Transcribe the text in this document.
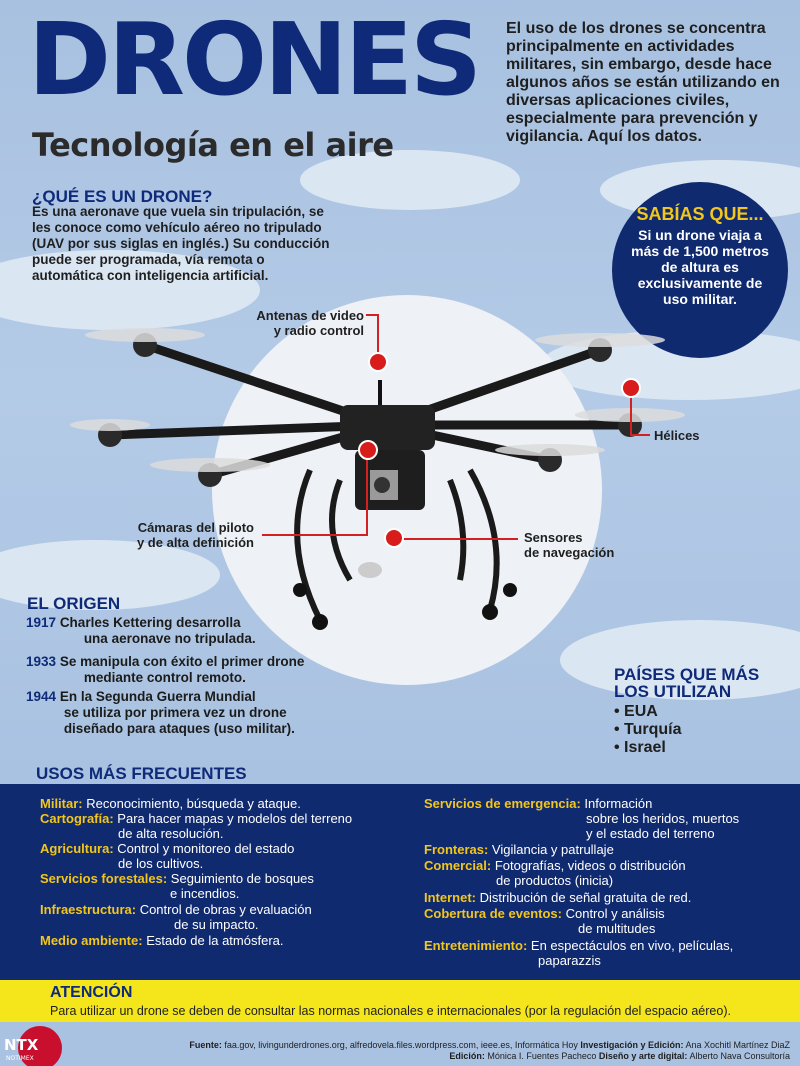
DRONES
Tecnología en el aire
El uso de los drones se concentra principalmente en actividades militares, sin embargo, desde hace algunos años se están utilizando en diversas aplicaciones civiles, especialmente para prevención y vigilancia. Aquí los datos.
¿QUÉ ES UN DRONE?
Es una aeronave que vuela sin tripulación, se les conoce como vehículo aéreo no tripulado (UAV por sus siglas en inglés.) Su conducción puede ser programada, vía remota o automática con inteligencia artificial.
SABÍAS QUE...
Si un drone viaja a más de 1,500 metros de altura es exclusivamente de uso militar.
Antenas de video
y radio control
Hélices
Cámaras del piloto
y de alta definición	Sensores
de navegación
EL ORIGEN
1917 Charles Kettering desarrolla
una aeronave no tripulada.
1933 Se manipula con éxito el primer drone
mediante control remoto.
1944 En la Segunda Guerra Mundial
se utiliza por primera vez un drone
diseñado para ataques (uso militar).
PAÍSES QUE MÁS LOS UTILIZAN
• EUA
• Turquía
• Israel
USOS MÁS FRECUENTES
Militar: Reconocimiento, búsqueda y ataque.
Cartografía: Para hacer mapas y modelos del terreno
de alta resolución.
Agricultura: Control y monitoreo del estado
de los cultivos.
Servicios forestales: Seguimiento de bosques
e incendios.
Infraestructura: Control de obras y evaluación
de su impacto.
Medio ambiente: Estado de la atmósfera.
Servicios de emergencia: Información
sobre los heridos, muertos
y el estado del terreno
Fronteras: Vigilancia y patrullaje
Comercial: Fotografías, videos o distribución
de productos (inicia)
Internet: Distribución de señal gratuita de red.
Cobertura de eventos: Control y análisis
de multitudes
Entretenimiento: En espectáculos en vivo, películas,
paparazzis
ATENCIÓN
Para utilizar un drone se deben de consultar las normas nacionales e internacionales (por la regulación del espacio aéreo).
NTX
NOTIMEX
Fuente: faa.gov, livingunderdrones.org, alfredovela.files.wordpress.com, ieee.es, Informática Hoy Investigación y Edición: Ana Xochitl Martínez DiaZ
Edición: Mónica I. Fuentes Pacheco Diseño y arte digital: Alberto Nava Consultoría
